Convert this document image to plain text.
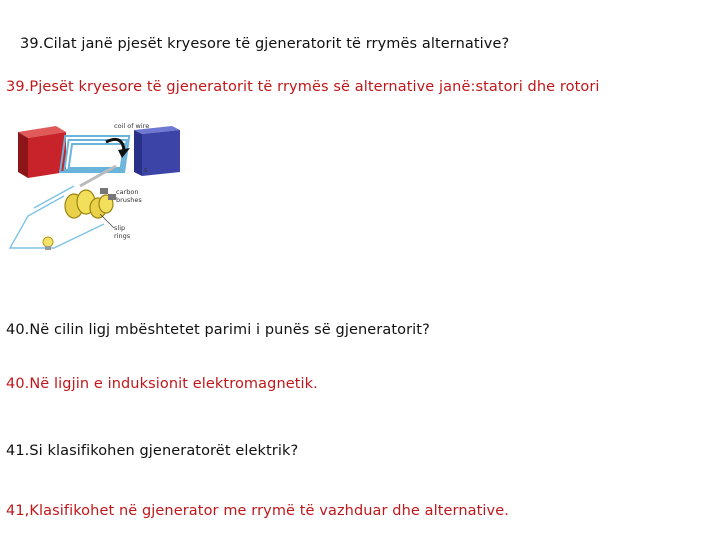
39.Cilat janë pjesët kryesore të gjeneratorit të rrymës alternative?
39.Pjesët kryesore të gjeneratorit të rrymës së alternative janë:statori dhe rotori
s
coil of wire
carbon
brushes
slip
rings
40.Në cilin ligj mbështetet parimi i punës së gjeneratorit?
40.Në ligjin e induksionit elektromagnetik.
41.Si klasifikohen gjeneratorët elektrik?
41,Klasifikohet në gjenerator me rrymë të vazhduar dhe alternative.
